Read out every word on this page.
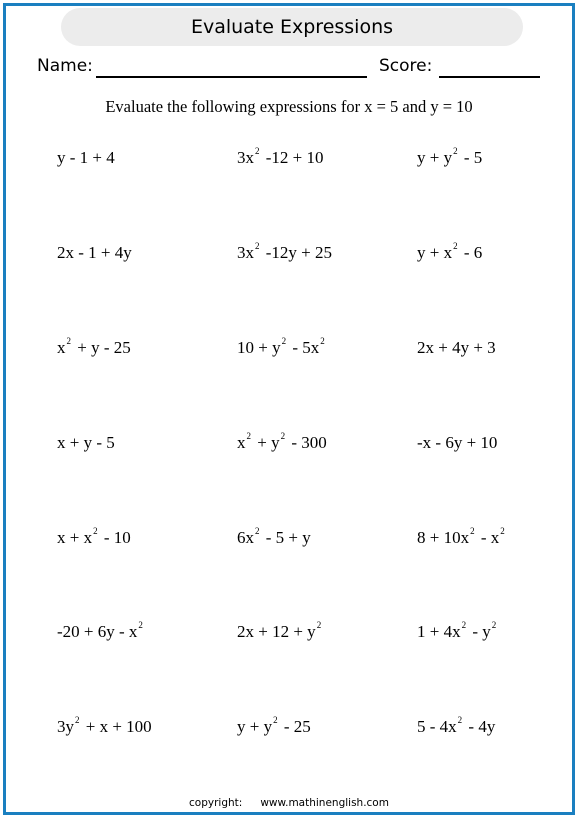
Evaluate Expressions
Name:	Score:
Evaluate the following expressions for x = 5 and y = 10
y - 1 + 4	$3x^2$ -12 + 10	$y + y^2 - 5$
2x - 1 + 4y	$3x^2$ -12y + 25	$y + x^2 - 6$
$x^2 + y - 25$	$10 + y^2 - 5x^2$	2x + 4y + 3
x + y - 5	$x^2 + y^2 - 300$	-x - 6y + 10
$x + x^2 - 10$	$6x^2 - 5 + y$	$8 + 10x^2 - x^2$
$-20 + 6y - x^2$	$2x + 12 + y^2$	$1 + 4x^2 - y^2$
$3y^2 + x + 100$	$y + y^2 - 25$	$5 - 4x^2 - 4y$
copyright: www.mathinenglish.com
